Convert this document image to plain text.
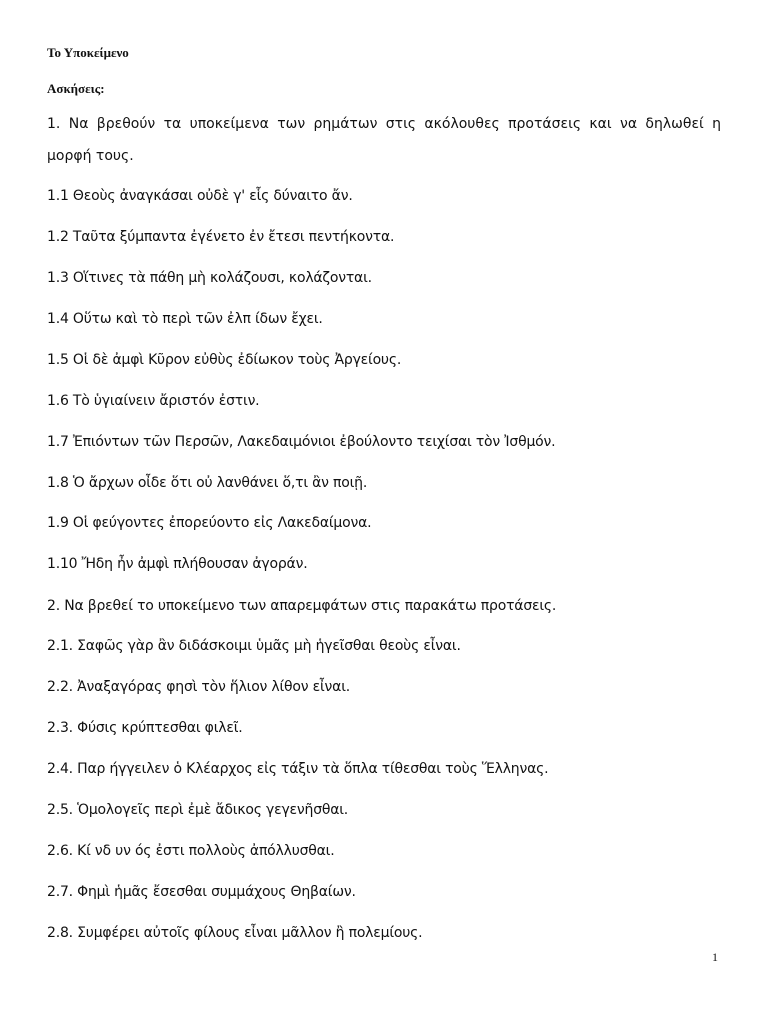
Το Υποκείμενο
Ασκήσεις:
1. Να βρεθούν τα υποκείμενα των ρημάτων στις ακόλουθες προτάσεις και να δηλωθεί η
μορφή τους.
1.1 Θεοὺς ἀναγκάσαι οὐδὲ γ' εἷς δύναιτο ἄν.
1.2 Ταῦτα ξύμπαντα ἐγένετο ἐν ἔτεσι πεντήκοντα.
1.3 Οἵτινες τὰ πάθη μὴ κολάζουσι, κολάζονται.
1.4 Οὕτω καὶ τὸ περὶ τῶν ἐλπ ίδων ἔχει.
1.5 Οἱ δὲ ἀμφὶ Κῦρον εὐθὺς ἐδίωκον τοὺς Ἀργείους.
1.6 Τὸ ὑγιαίνειν ἄριστόν ἐστιν.
1.7 Ἐπιόντων τῶν Περσῶν, Λακεδαιμόνιοι ἐβούλοντο τειχίσαι τὸν Ἰσθμόν.
1.8 Ὁ ἄρχων οἶδε ὅτι οὐ λανθάνει ὅ,τι ἂν ποιῇ.
1.9 Οἱ φεύγοντες ἐπορεύοντο εἰς Λακεδαίμονα.
1.10 Ἤδη ἦν ἀμφὶ πλήθουσαν ἀγοράν.
2. Να βρεθεί το υποκείμενο των απαρεμφάτων στις παρακάτω προτάσεις.
2.1. Σαφῶς γὰρ ἂν διδάσκοιμι ὑμᾶς μὴ ἡγεῖσθαι θεοὺς εἶναι.
2.2. Ἀναξαγόρας φησὶ τὸν ἥλιον λίθον εἶναι.
2.3. Φύσις κρύπτεσθαι φιλεῖ.
2.4. Παρ ήγγειλεν ὁ Κλέαρχος εἰς τάξιν τὰ ὅπλα τίθεσθαι τοὺς Ἕλληνας.
2.5. Ὁμολογεῖς περὶ ἐμὲ ἄδικος γεγενῆσθαι.
2.6. Κί νδ υν ός ἐστι πολλοὺς ἀπόλλυσθαι.
2.7. Φημὶ ἡμᾶς ἔσεσθαι συμμάχους Θηβαίων.
2.8. Συμφέρει αὐτοῖς φίλους εἶναι μᾶλλον ἢ πολεμίους.
1
